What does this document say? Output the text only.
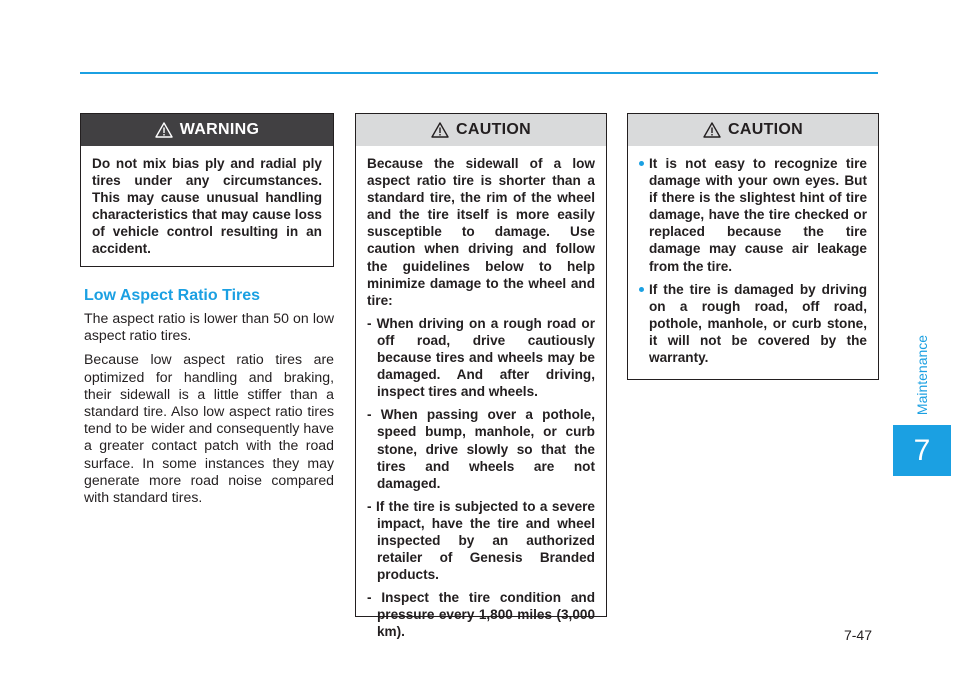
WARNING

Do not mix bias ply and radial ply tires under any circumstances. This may cause unusual handling characteristics that may cause loss of vehicle control resulting in an accident.

Low Aspect Ratio Tires

The aspect ratio is lower than 50 on low aspect ratio tires.

Because low aspect ratio tires are optimized for handling and braking, their sidewall is a little stiffer than a standard tire. Also low aspect ratio tires tend to be wider and consequently have a greater contact patch with the road surface. In some instances they may generate more road noise compared with standard tires.

CAUTION

Because the sidewall of a low aspect ratio tire is shorter than a standard tire, the rim of the wheel and the tire itself is more easily susceptible to damage. Use caution when driving and follow the guidelines below to help minimize damage to the wheel and tire:

- When driving on a rough road or off road, drive cautiously because tires and wheels may be damaged. And after driving, inspect tires and wheels.

- When passing over a pothole, speed bump, manhole, or curb stone, drive slowly so that the tires and wheels are not damaged.

- If the tire is subjected to a severe impact, have the tire and wheel inspected by an authorized retailer of Genesis Branded products.

- Inspect the tire condition and pressure every 1,800 miles (3,000 km).

CAUTION

It is not easy to recognize tire damage with your own eyes. But if there is the slightest hint of tire damage, have the tire checked or replaced because the tire damage may cause air leakage from the tire.

If the tire is damaged by driving on a rough road, off road, pothole, manhole, or curb stone, it will not be covered by the warranty.	Maintenance
7
7-47
